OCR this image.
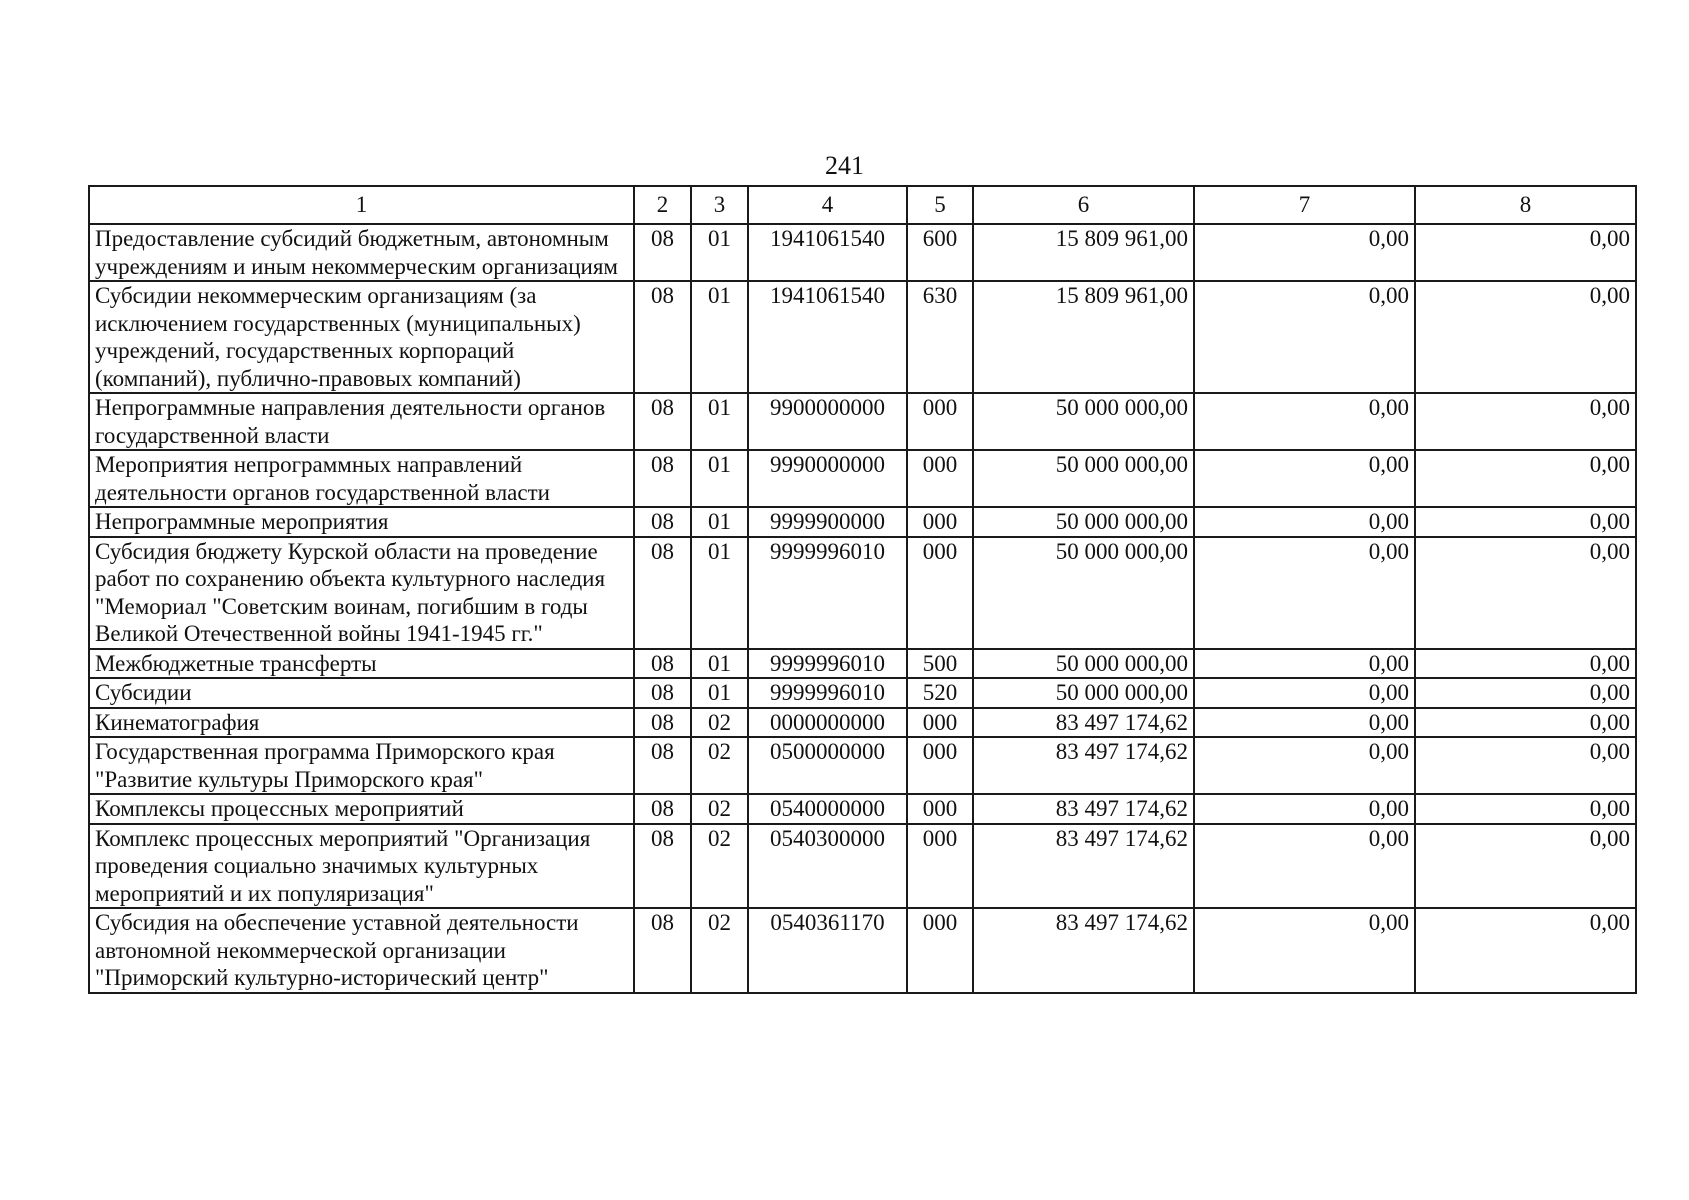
241
1	2	3	4	5	6	7	8
Предоставление субсидий бюджетным, автономным учреждениям и иным некоммерческим организациям	08	01	1941061540	600	15 809 961,00	0,00	0,00
Субсидии некоммерческим организациям (за исключением государственных (муниципальных) учреждений, государственных корпораций (компаний), публично-правовых компаний)	08	01	1941061540	630	15 809 961,00	0,00	0,00
Непрограммные направления деятельности органов государственной власти	08	01	9900000000	000	50 000 000,00	0,00	0,00
Мероприятия непрограммных направлений деятельности органов государственной власти	08	01	9990000000	000	50 000 000,00	0,00	0,00
Непрограммные мероприятия	08	01	9999900000	000	50 000 000,00	0,00	0,00
Субсидия бюджету Курской области на проведение работ по сохранению объекта культурного наследия "Мемориал "Советским воинам, погибшим в годы Великой Отечественной войны 1941-1945 гг."	08	01	9999996010	000	50 000 000,00	0,00	0,00
Межбюджетные трансферты	08	01	9999996010	500	50 000 000,00	0,00	0,00
Субсидии	08	01	9999996010	520	50 000 000,00	0,00	0,00
Кинематография	08	02	0000000000	000	83 497 174,62	0,00	0,00
Государственная программа Приморского края "Развитие культуры Приморского края"	08	02	0500000000	000	83 497 174,62	0,00	0,00
Комплексы процессных мероприятий	08	02	0540000000	000	83 497 174,62	0,00	0,00
Комплекс процессных мероприятий "Организация проведения социально значимых культурных мероприятий и их популяризация"	08	02	0540300000	000	83 497 174,62	0,00	0,00
Субсидия на обеспечение уставной деятельности автономной некоммерческой организации "Приморский культурно-исторический центр"	08	02	0540361170	000	83 497 174,62	0,00	0,00
